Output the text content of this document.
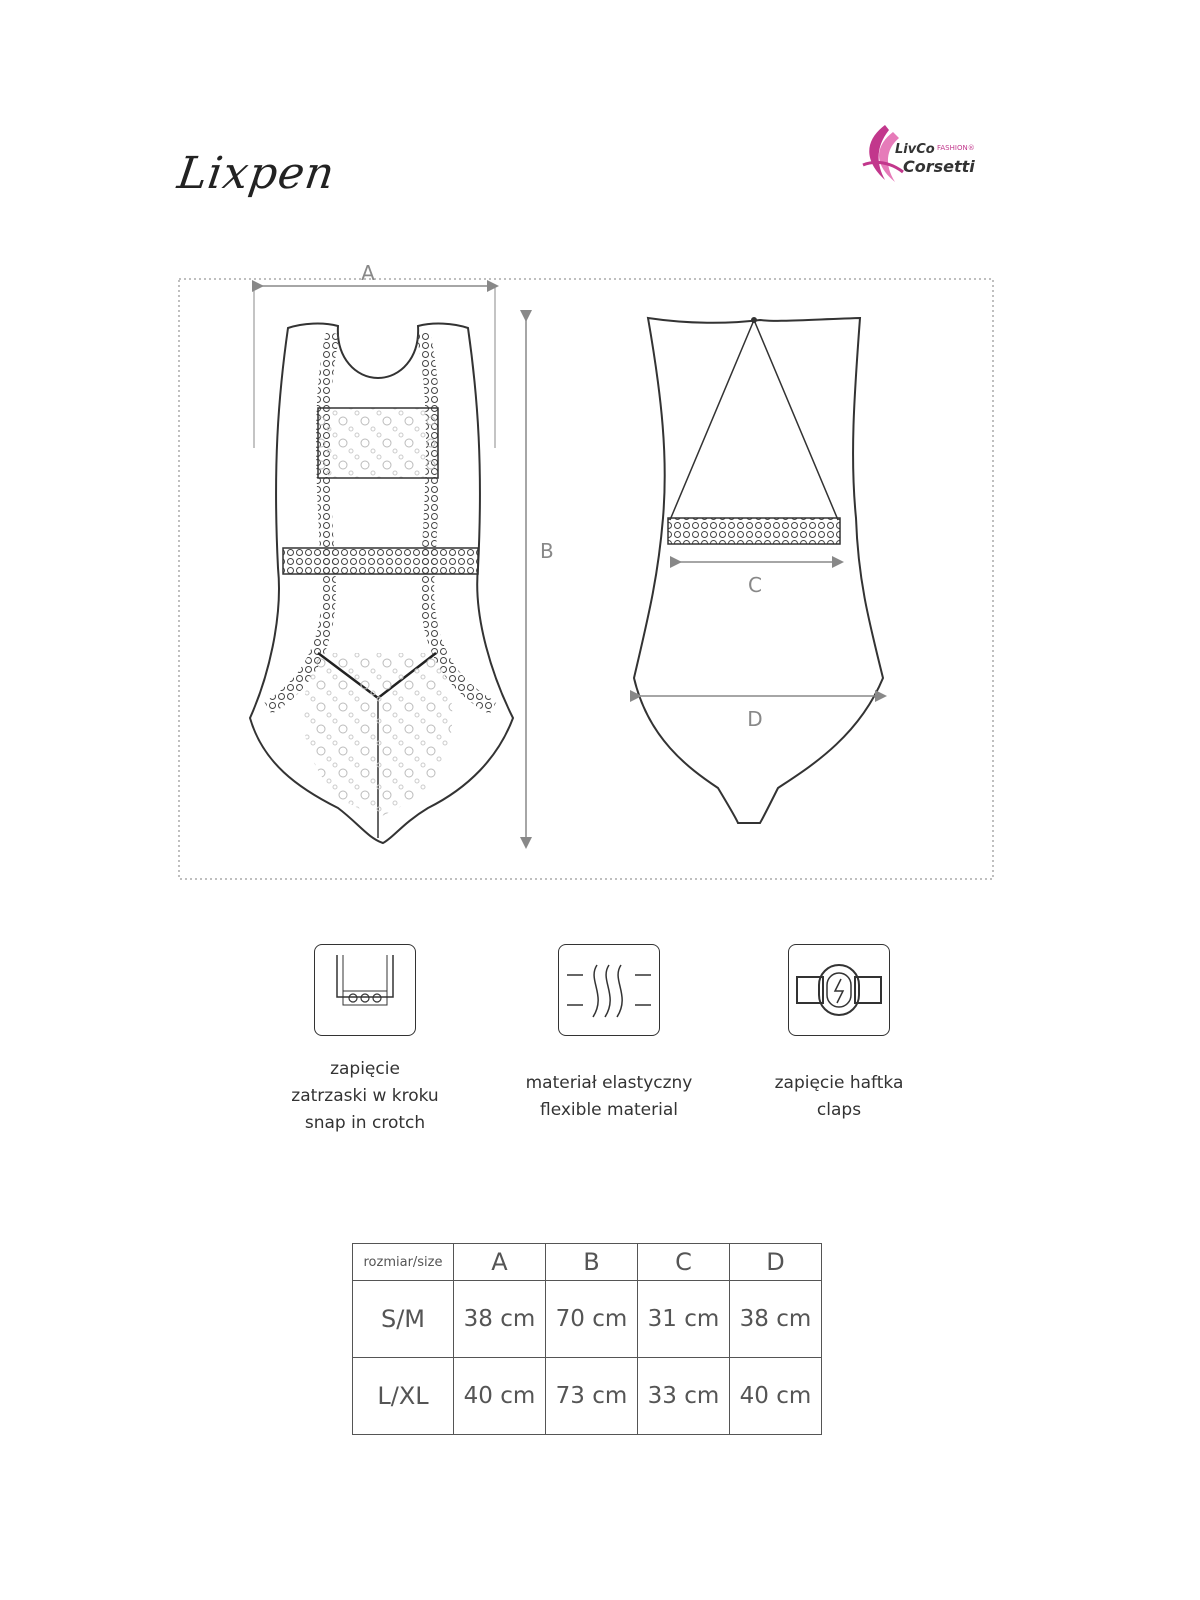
Lixpen	LivCo FASHION®
Corsetti
A
B
C
D
zapięcie
zatrzaski w kroku
snap in crotch
materiał elastyczny
flexible material
zapięcie haftka
claps
rozmiar/size	A	B	C	D
S/M	38 cm	70 cm	31 cm	38 cm
L/XL	40 cm	73 cm	33 cm	40 cm
